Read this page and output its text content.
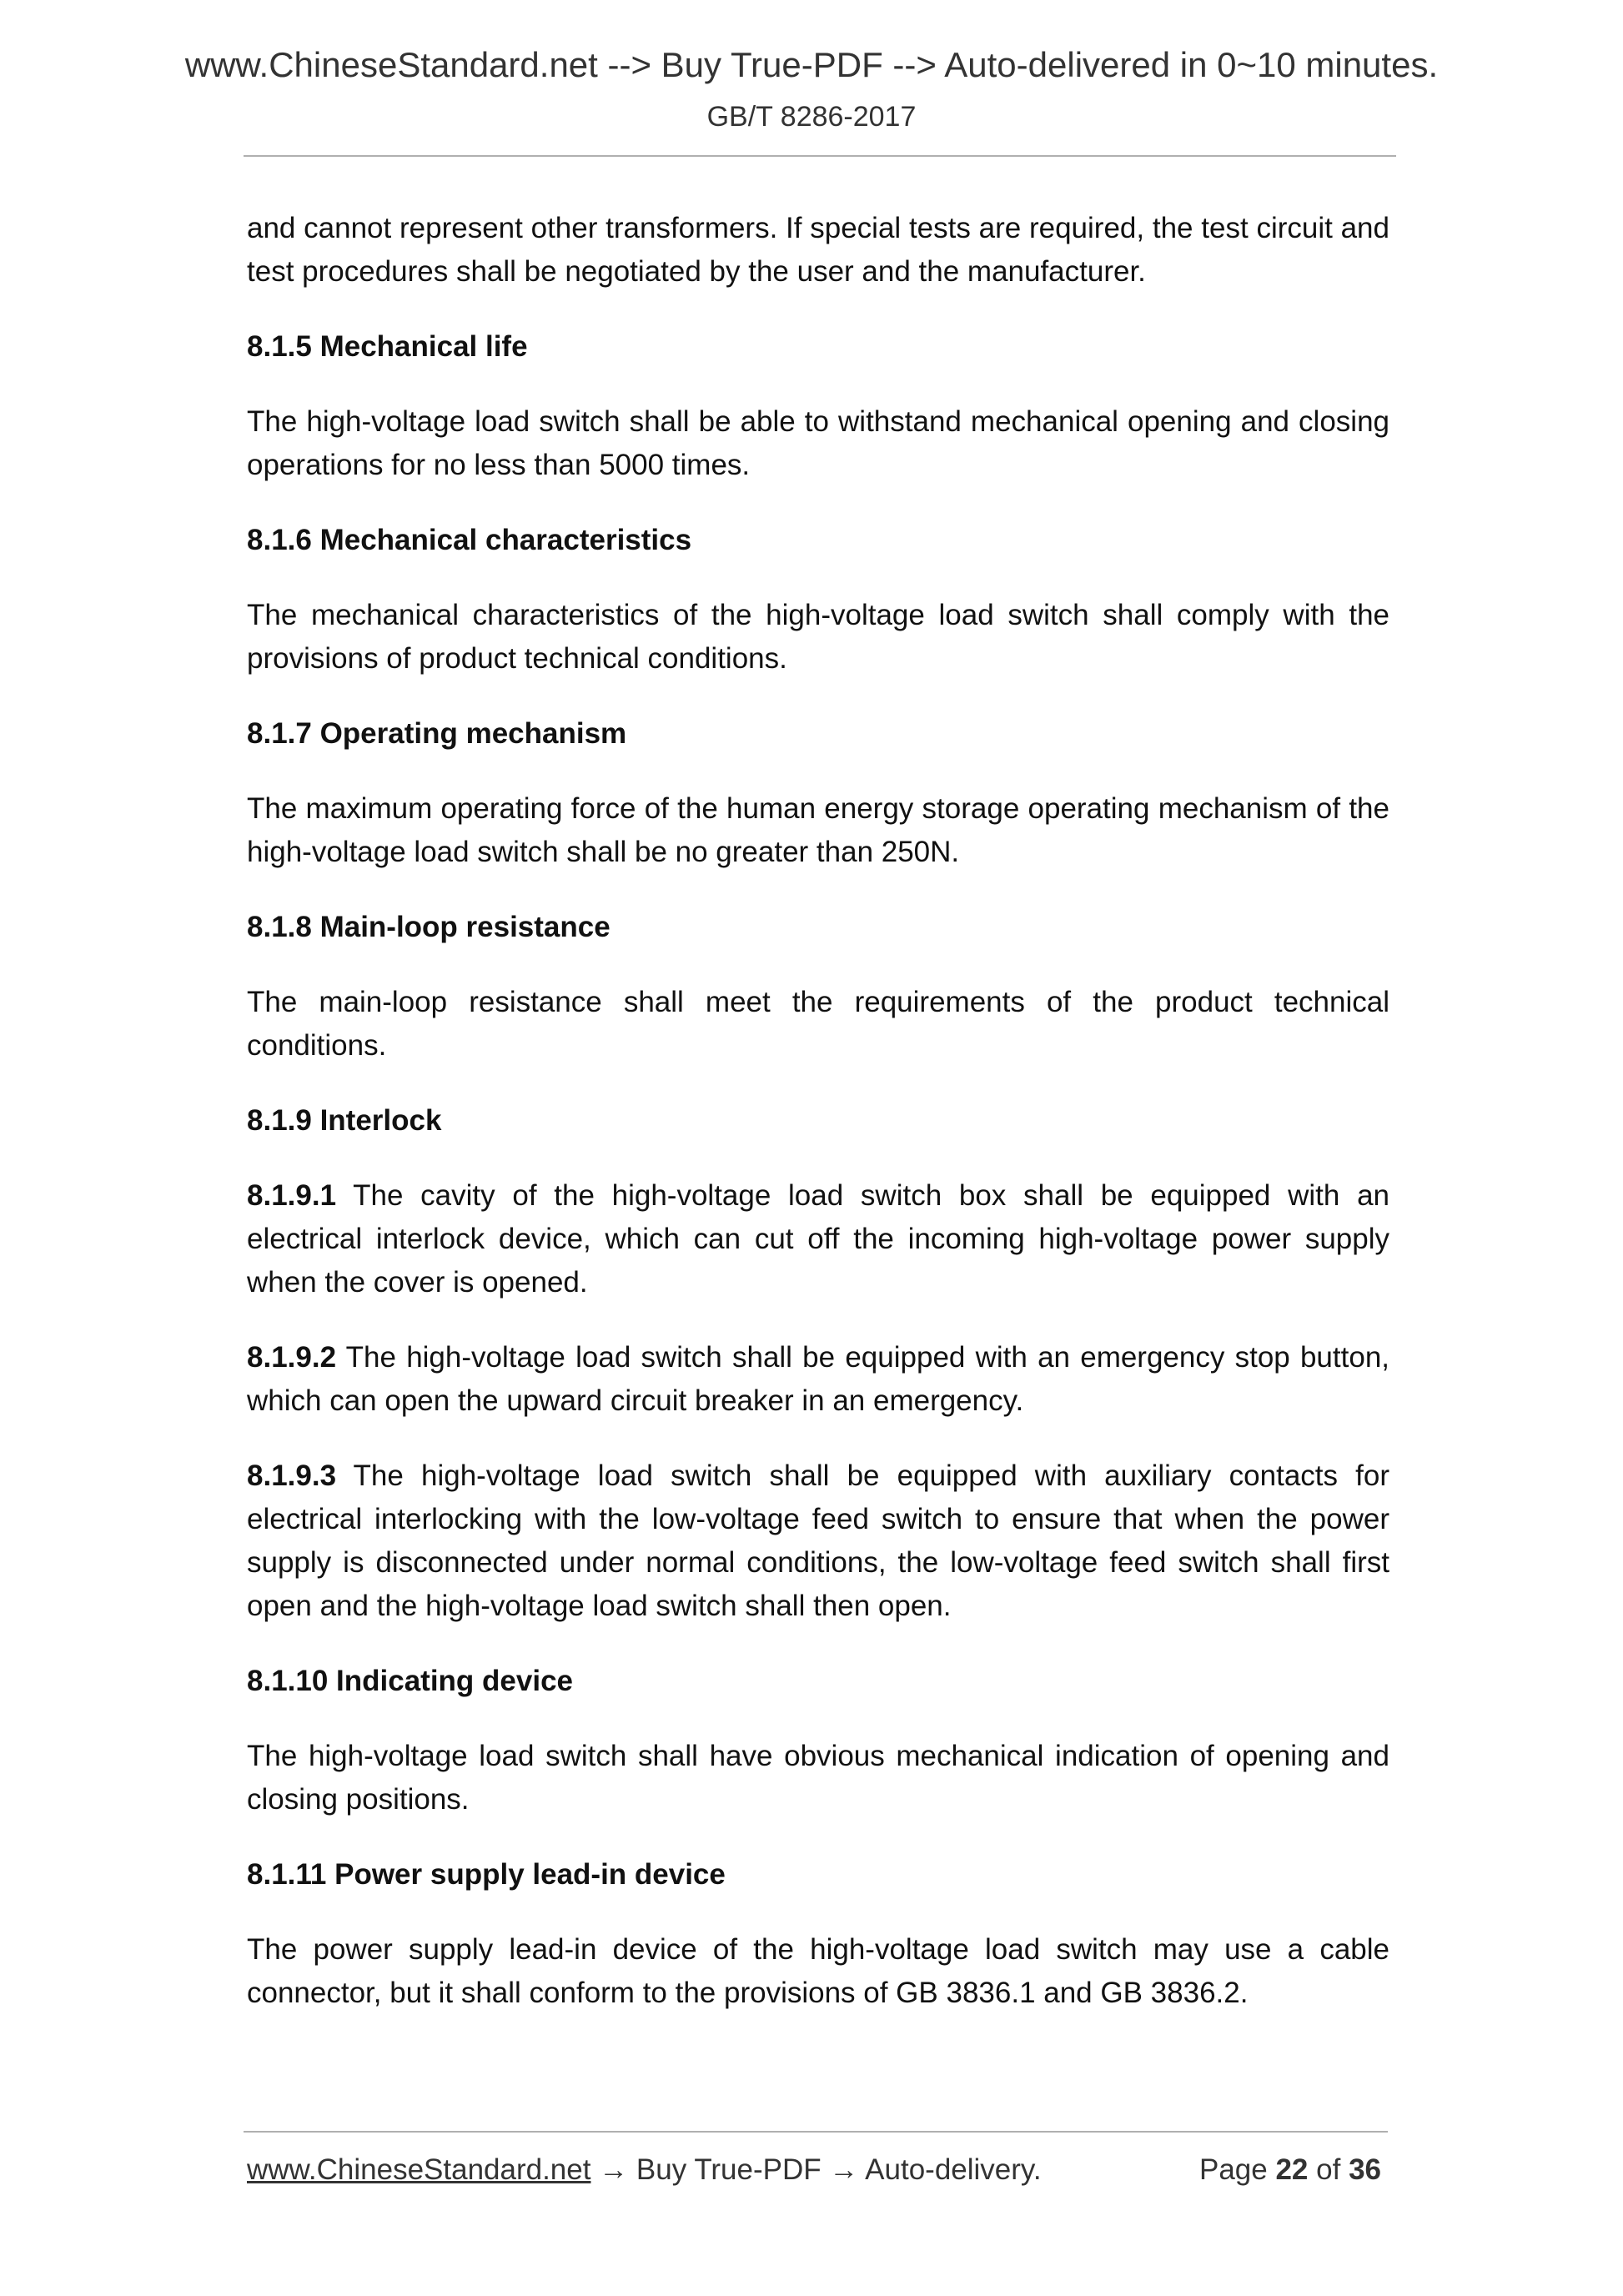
www.ChineseStandard.net --> Buy True-PDF --> Auto-delivered in 0~10 minutes.
GB/T 8286-2017

and cannot represent other transformers. If special tests are required, the test circuit and test procedures shall be negotiated by the user and the manufacturer.

8.1.5 Mechanical life

The high-voltage load switch shall be able to withstand mechanical opening and closing operations for no less than 5000 times.

8.1.6 Mechanical characteristics

The mechanical characteristics of the high-voltage load switch shall comply with the provisions of product technical conditions.

8.1.7 Operating mechanism

The maximum operating force of the human energy storage operating mechanism of the high-voltage load switch shall be no greater than 250N.

8.1.8 Main-loop resistance

The main-loop resistance shall meet the requirements of the product technical conditions.

8.1.9 Interlock

8.1.9.1 The cavity of the high-voltage load switch box shall be equipped with an electrical interlock device, which can cut off the incoming high-voltage power supply when the cover is opened.

8.1.9.2 The high-voltage load switch shall be equipped with an emergency stop button, which can open the upward circuit breaker in an emergency.

8.1.9.3 The high-voltage load switch shall be equipped with auxiliary contacts for electrical interlocking with the low-voltage feed switch to ensure that when the power supply is disconnected under normal conditions, the low-voltage feed switch shall first open and the high-voltage load switch shall then open.

8.1.10 Indicating device

The high-voltage load switch shall have obvious mechanical indication of opening and closing positions.

8.1.11 Power supply lead-in device

The power supply lead-in device of the high-voltage load switch may use a cable connector, but it shall conform to the provisions of GB 3836.1 and GB 3836.2.

www.ChineseStandard.net → Buy True-PDF → Auto-delivery.	Page 22 of 36
